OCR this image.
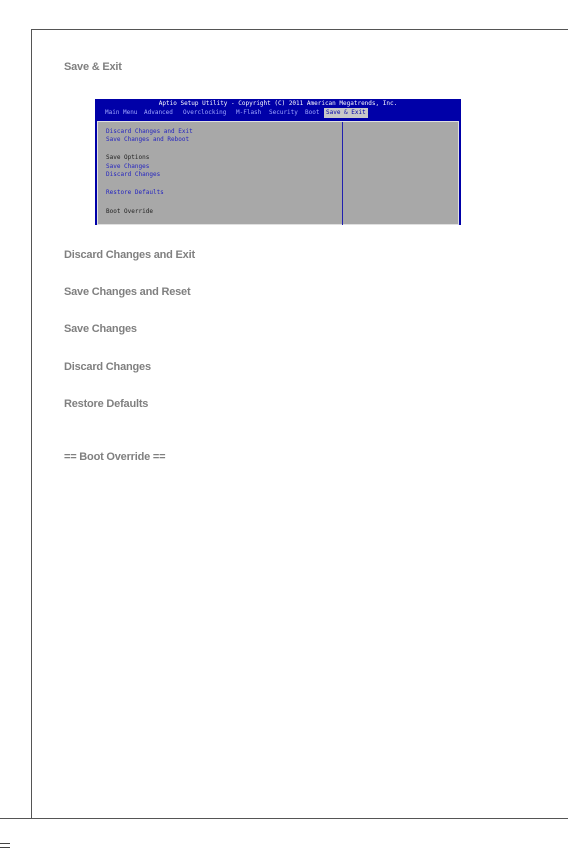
Save & Exit
Aptio Setup Utility - Copyright (C) 2011 American Megatrends, Inc.
Main Menu Advanced Overclocking M-Flash Security Boot	Save & Exit
Discard Changes and Exit
Save Changes and Reboot
Save Options
Save Changes
Discard Changes
Restore Defaults
Boot Override
Discard Changes and Exit
Save Changes and Reset
Save Changes
Discard Changes
Restore Defaults
== Boot Override ==
